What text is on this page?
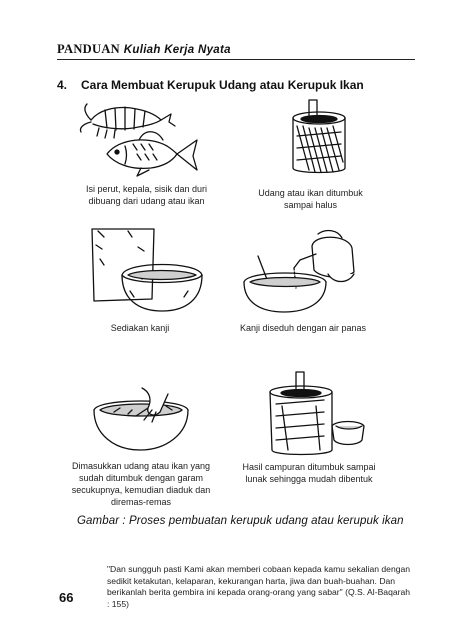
PANDUAN Kuliah Kerja Nyata
4. Cara Membuat Kerupuk Udang atau Kerupuk Ikan
Isi perut, kepala, sisik dan duri dibuang dari udang atau ikan
Udang atau ikan ditumbuk sampai halus
Sediakan kanji	Kanji diseduh dengan air panas
Dimasukkan udang atau ikan yang sudah ditumbuk dengan garam secukupnya, kemudian diaduk dan diremas-remas
Hasil campuran ditumbuk sampai lunak sehingga mudah dibentuk
Gambar : Proses pembuatan kerupuk udang atau kerupuk ikan
"Dan sungguh pasti Kami akan memberi cobaan kepada kamu sekalian dengan sedikit ketakutan, kelaparan, kekurangan harta, jiwa dan buah-buahan. Dan berikanlah berita gembira ini kepada orang-orang yang sabar" (Q.S. Al-Baqarah : 155)
66
